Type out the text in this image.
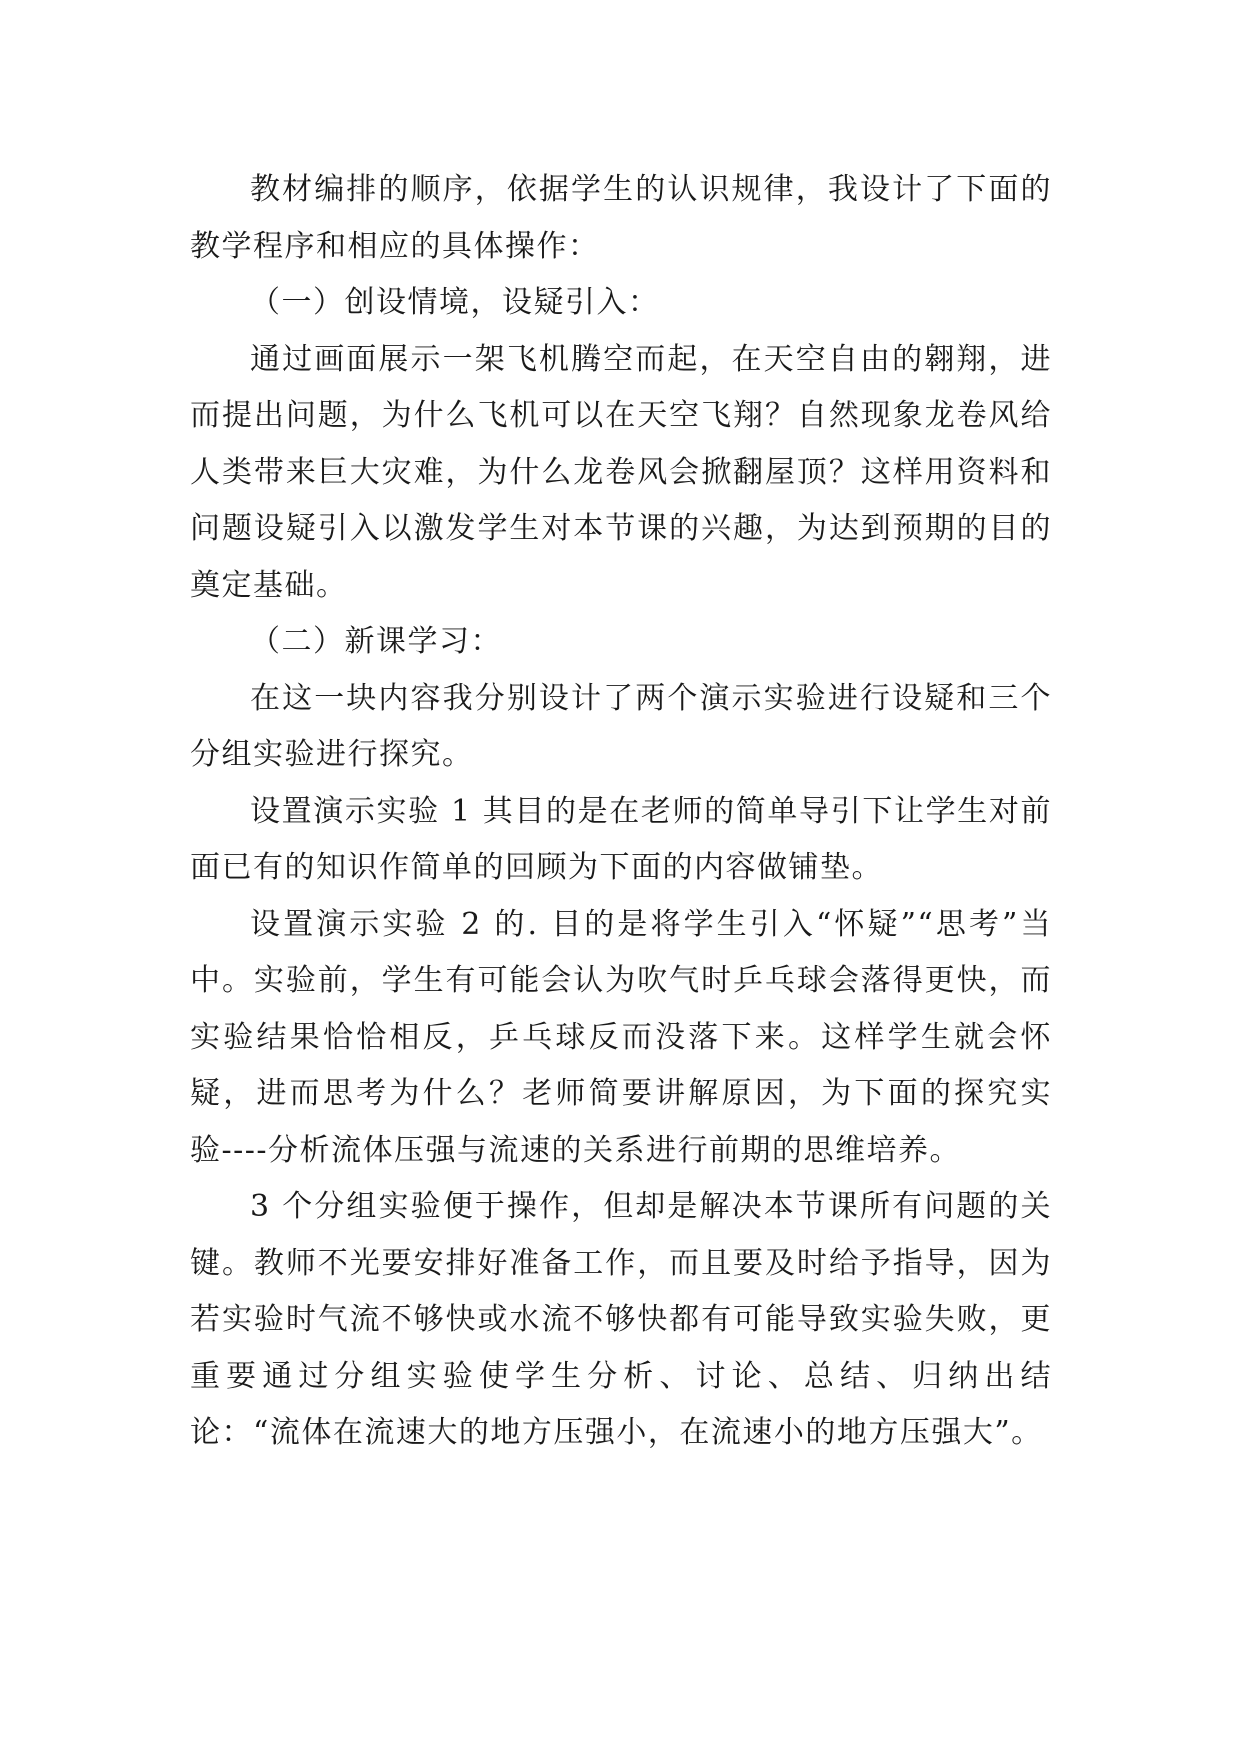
教材编排的顺序，依据学生的认识规律，我设计了下面的教学程序和相应的具体操作：

（一）创设情境，设疑引入：

通过画面展示一架飞机腾空而起，在天空自由的翱翔，进而提出问题，为什么飞机可以在天空飞翔？自然现象龙卷风给人类带来巨大灾难，为什么龙卷风会掀翻屋顶？这样用资料和问题设疑引入以激发学生对本节课的兴趣，为达到预期的目的奠定基础。

（二）新课学习：

在这一块内容我分别设计了两个演示实验进行设疑和三个分组实验进行探究。

设置演示实验 1 其目的是在老师的简单导引下让学生对前面已有的知识作简单的回顾为下面的内容做铺垫。

设置演示实验 2 的. 目的是将学生引入“怀疑”“思考”当中。实验前，学生有可能会认为吹气时乒乓球会落得更快，而实验结果恰恰相反，乒乓球反而没落下来。这样学生就会怀疑，进而思考为什么？老师简要讲解原因，为下面的探究实验----分析流体压强与流速的关系进行前期的思维培养。

3 个分组实验便于操作，但却是解决本节课所有问题的关键。教师不光要安排好准备工作，而且要及时给予指导，因为若实验时气流不够快或水流不够快都有可能导致实验失败，更重要通过分组实验使学生分析、讨论、总结、归纳出结论：“流体在流速大的地方压强小，在流速小的地方压强大”。
